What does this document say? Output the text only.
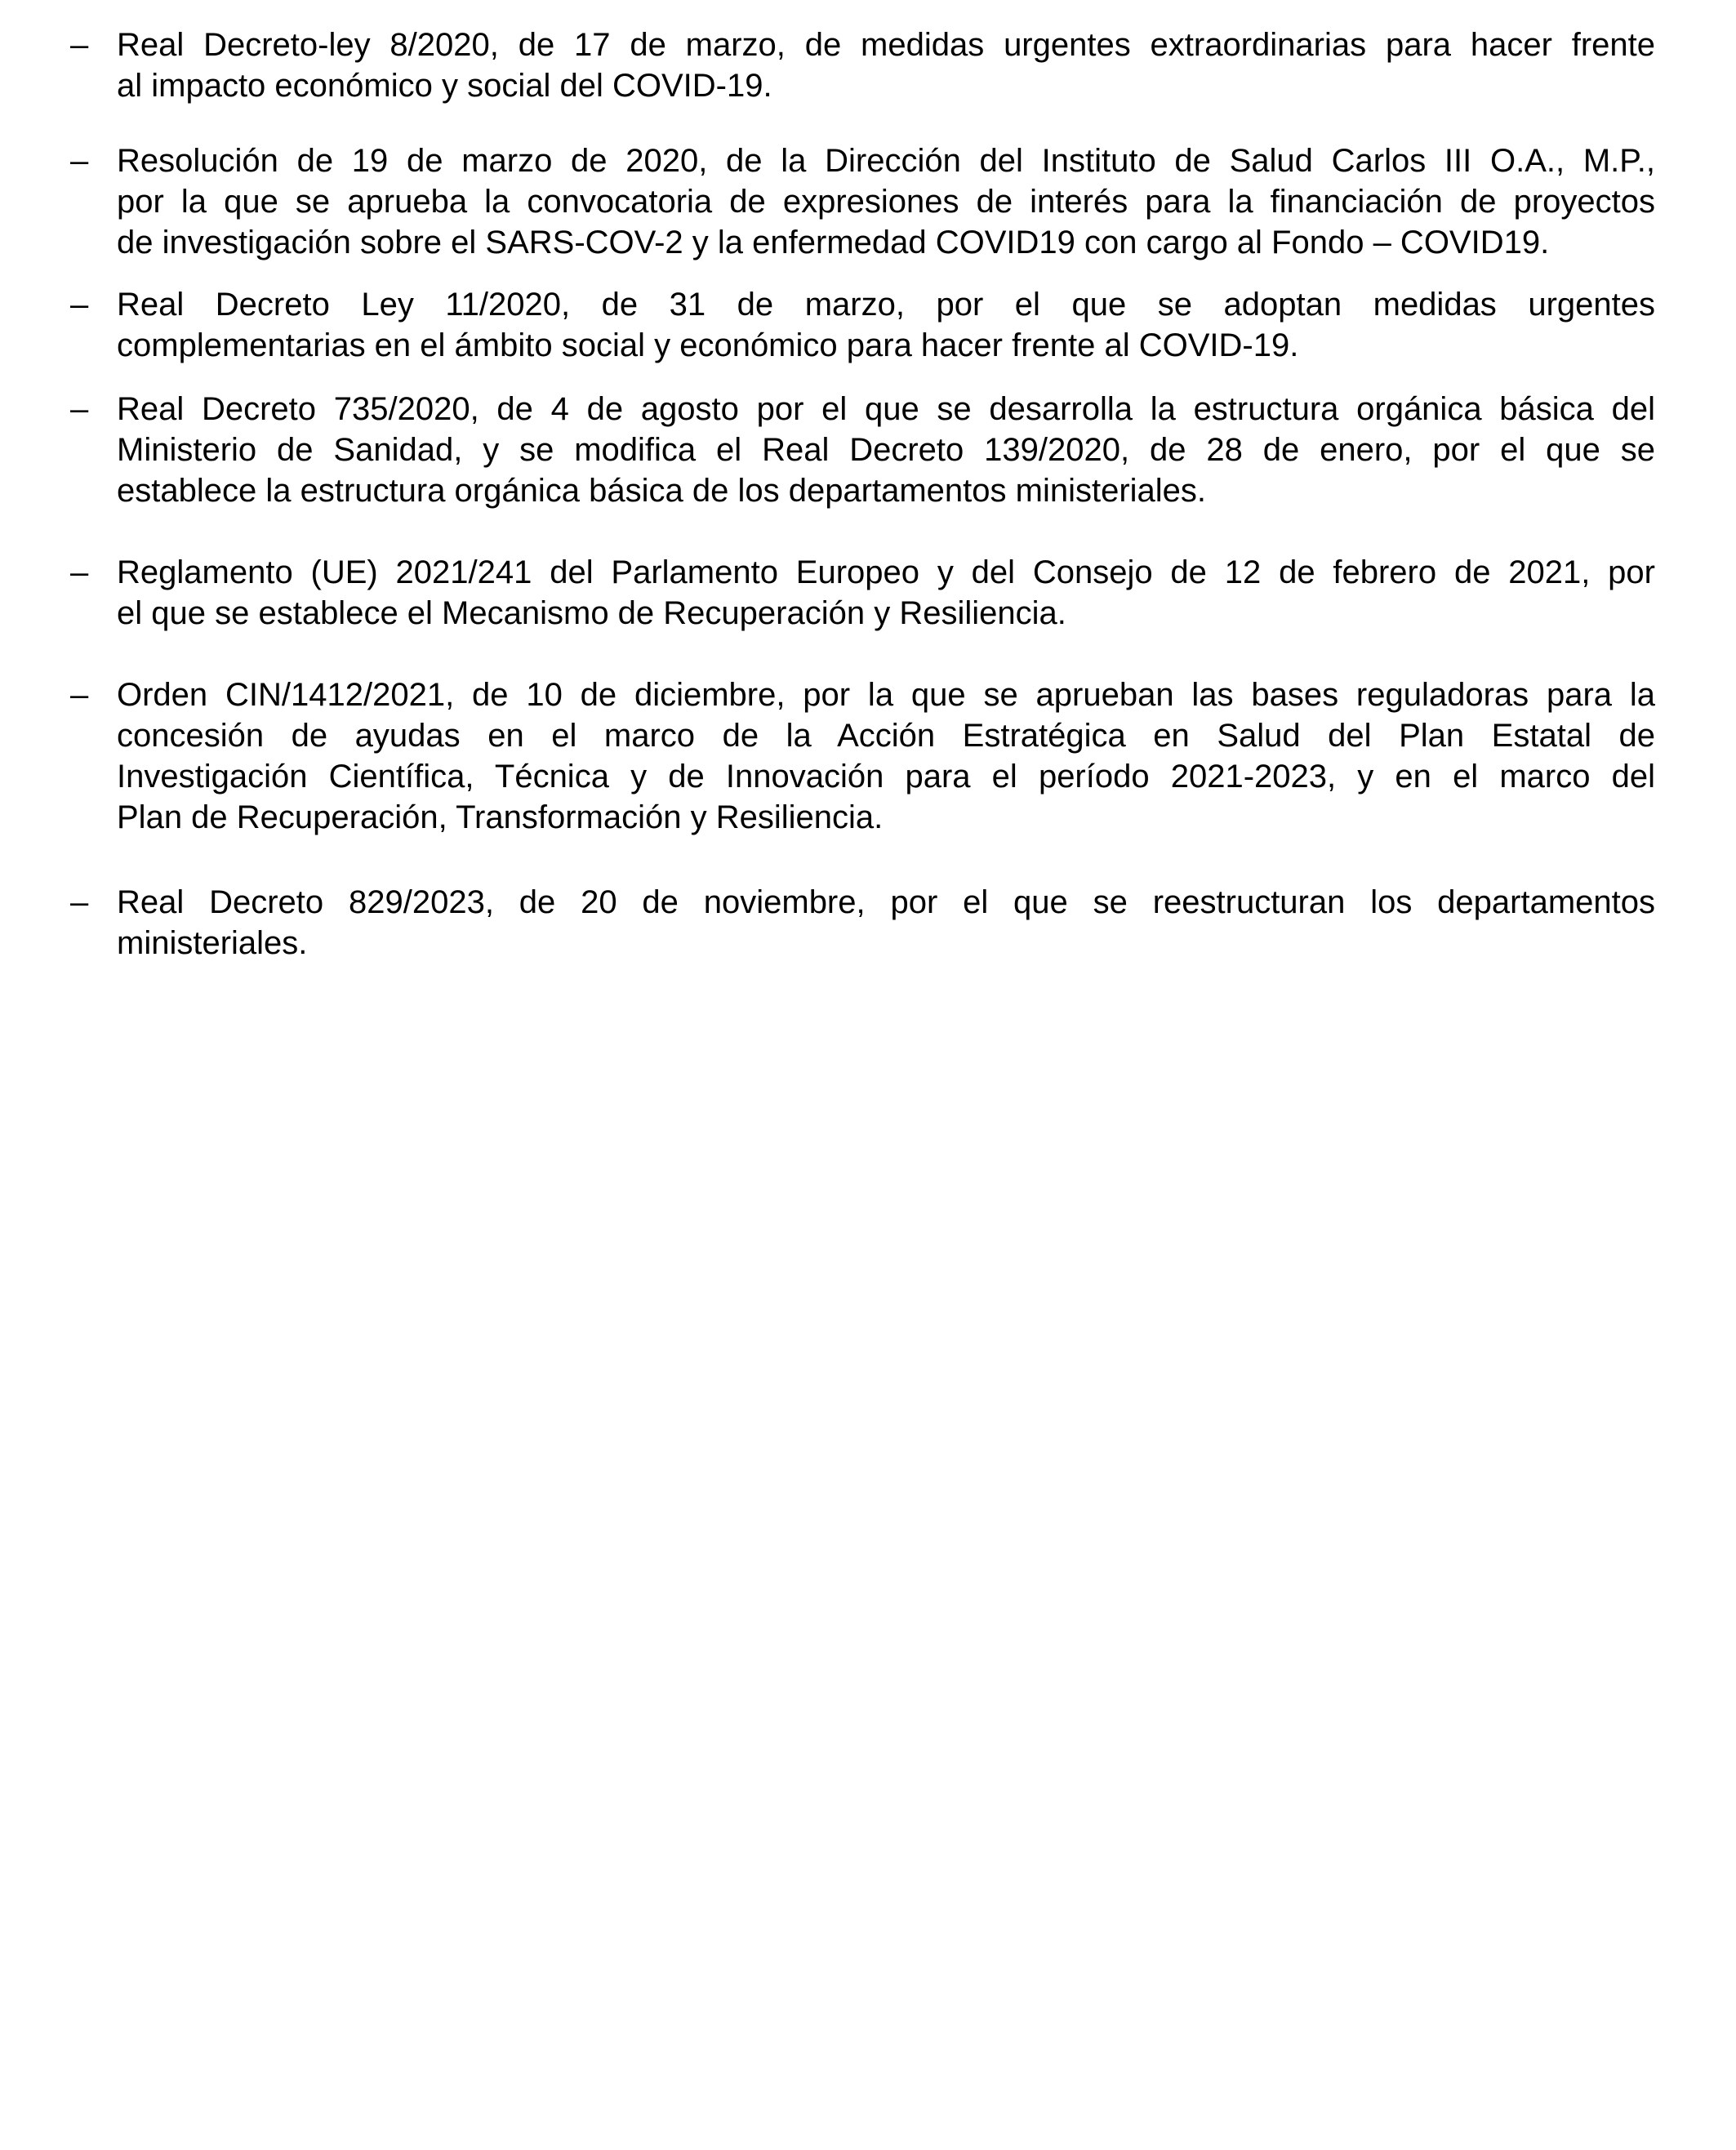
– Real Decreto-ley 8/2020, de 17 de marzo, de medidas urgentes extraordinarias para hacer frente
al impacto económico y social del COVID-19.
– Resolución de 19 de marzo de 2020, de la Dirección del Instituto de Salud Carlos III O.A., M.P.,
por la que se aprueba la convocatoria de expresiones de interés para la financiación de proyectos
de investigación sobre el SARS-COV-2 y la enfermedad COVID19 con cargo al Fondo – COVID19.
– Real Decreto Ley 11/2020, de 31 de marzo, por el que se adoptan medidas urgentes
complementarias en el ámbito social y económico para hacer frente al COVID-19.
– Real Decreto 735/2020, de 4 de agosto por el que se desarrolla la estructura orgánica básica del
Ministerio de Sanidad, y se modifica el Real Decreto 139/2020, de 28 de enero, por el que se
establece la estructura orgánica básica de los departamentos ministeriales.
– Reglamento (UE) 2021/241 del Parlamento Europeo y del Consejo de 12 de febrero de 2021, por
el que se establece el Mecanismo de Recuperación y Resiliencia.
– Orden CIN/1412/2021, de 10 de diciembre, por la que se aprueban las bases reguladoras para la
concesión de ayudas en el marco de la Acción Estratégica en Salud del Plan Estatal de
Investigación Científica, Técnica y de Innovación para el período 2021-2023, y en el marco del
Plan de Recuperación, Transformación y Resiliencia.
– Real Decreto 829/2023, de 20 de noviembre, por el que se reestructuran los departamentos
ministeriales.
